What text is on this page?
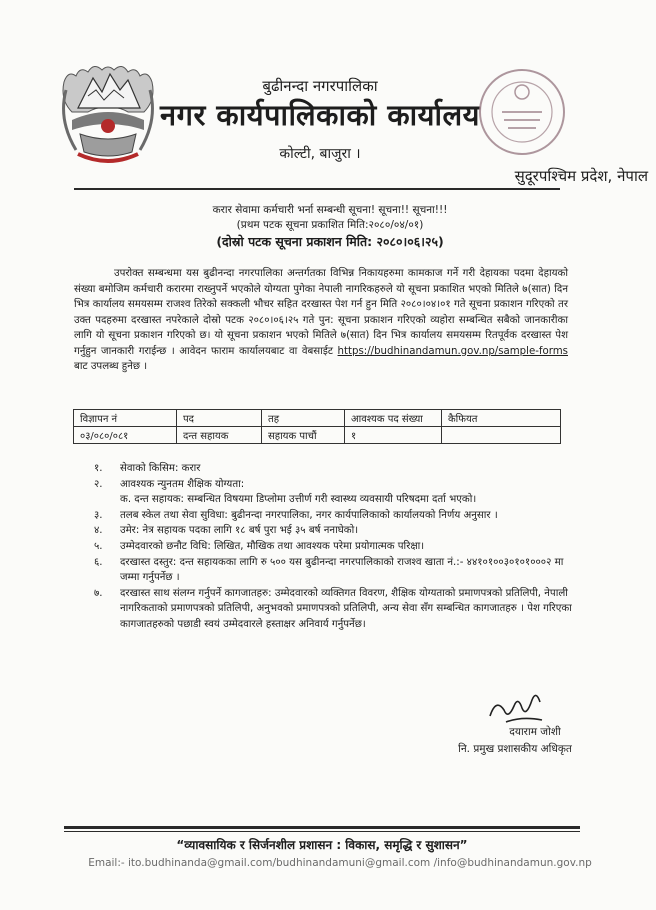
बुढीनन्दा नगरपालिका
नगर कार्यपालिकाको कार्यालय
कोल्टी, बाजुरा ।
सुदूरपश्चिम प्रदेश, नेपाल
करार सेवामा कर्मचारी भर्ना सम्बन्धी सूचना! सूचना!! सूचना!!!
(प्रथम पटक सूचना प्रकाशित मिति:२०८०/०४/०१)
(दोस्रो पटक सूचना प्रकाशन मिति: २०८०।०६।२५)
उपरोक्त सम्बन्धमा यस बुढीनन्दा नगरपालिका अन्तर्गतका विभिन्न निकायहरुमा कामकाज गर्ने गरी देहायका पदमा देहायको संख्या बमोजिम कर्मचारी करारमा राख्नुपर्ने भएकोले योग्यता पुगेका नेपाली नागरिकहरुले यो सूचना प्रकाशित भएको मितिले ७(सात) दिन भित्र कार्यालय समयसम्म राजश्व तिरेको सक्कली भौचर सहित दरखास्त पेश गर्न हुन मिति २०८०।०४।०१ गते सूचना प्रकाशन गरिएको तर उक्त पदहरुमा दरखास्त नपरेकाले दोस्रो पटक २०८०।०६।२५ गते पुन: सूचना प्रकाशन गरिएको व्यहोरा सम्बन्धित सबैको जानकारीका लागि यो सूचना प्रकाशन गरिएको छ। यो सूचना प्रकाशन भएको मितिले ७(सात) दिन भित्र कार्यालय समयसम्म रितपूर्वक दरखास्त पेश गर्नुहुन जानकारी गराईन्छ । आवेदन फाराम कार्यालयबाट वा वेबसाईट https://budhinandamun.gov.np/sample-forms बाट उपलब्ध हुनेछ ।
विज्ञापन नं	पद	तह	आवश्यक पद संख्या	कैफियत
०३/०८०/०८१	दन्त सहायक	सहायक पाचौं	१	
१.	सेवाको किसिम: करार
२.	आवश्यक न्युनतम शैक्षिक योग्यता:
क. दन्त सहायक: सम्बन्धित विषयमा डिप्लोमा उत्तीर्ण गरी स्वास्थ्य व्यवसायी परिषदमा दर्ता भएको।
३.	तलब स्केल तथा सेवा सुविधा: बुढीनन्दा नगरपालिका, नगर कार्यपालिकाको कार्यालयको निर्णय अनुसार ।
४.	उमेर: नेत्र सहायक पदका लागि १८ बर्ष पुरा भई ३५ बर्ष ननाघेको।
५.	उम्मेदवारको छनौट विधि: लिखित, मौखिक तथा आवश्यक परेमा प्रयोगात्मक परिक्षा।
६.	दरखास्त दस्तुर: दन्त सहायकका लागि रु ५०० यस बुढीनन्दा नगरपालिकाको राजश्व खाता नं.:- ४४१०१००३०१०१०००२ मा जम्मा गर्नुपर्नेछ ।
७.	दरखास्त साथ संलग्न गर्नुपर्ने कागजातहरु: उम्मेदवारको व्यक्तिगत विवरण, शैक्षिक योग्यताको प्रमाणपत्रको प्रतिलिपी, नेपाली नागरिकताको प्रमाणपत्रको प्रतिलिपी, अनुभवको प्रमाणपत्रको प्रतिलिपी, अन्य सेवा सँग सम्बन्धित कागजातहरु । पेश गरिएका कागजातहरुको पछाडी स्वयं उम्मेदवारले हस्ताक्षर अनिवार्य गर्नुपर्नेछ।
दयाराम जोशी
नि. प्रमुख प्रशासकीय अधिकृत
“व्यावसायिक र सिर्जनशील प्रशासन : विकास, समृद्धि र सुशासन”
Email:- ito.budhinanda@gmail.com/budhinandamuni@gmail.com /info@budhinandamun.gov.np
